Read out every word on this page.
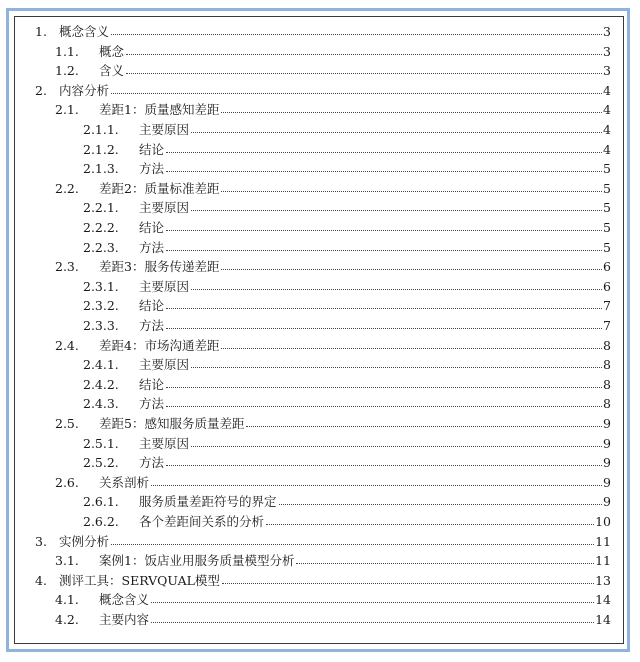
1. 概念含义	3
1.1. 概念	3
1.2. 含义	3
2. 内容分析	4
2.1. 差距1：质量感知差距	4
2.1.1. 主要原因	4
2.1.2. 结论	4
2.1.3. 方法	5
2.2. 差距2：质量标准差距	5
2.2.1. 主要原因	5
2.2.2. 结论	5
2.2.3. 方法	5
2.3. 差距3：服务传递差距	6
2.3.1. 主要原因	6
2.3.2. 结论	7
2.3.3. 方法	7
2.4. 差距4：市场沟通差距	8
2.4.1. 主要原因	8
2.4.2. 结论	8
2.4.3. 方法	8
2.5. 差距5：感知服务质量差距	9
2.5.1. 主要原因	9
2.5.2. 方法	9
2.6. 关系剖析	9
2.6.1. 服务质量差距符号的界定	9
2.6.2. 各个差距间关系的分析	10
3. 实例分析	11
3.1. 案例1：饭店业用服务质量模型分析	11
4. 测评工具：SERVQUAL模型	13
4.1. 概念含义	14
4.2. 主要内容	14
